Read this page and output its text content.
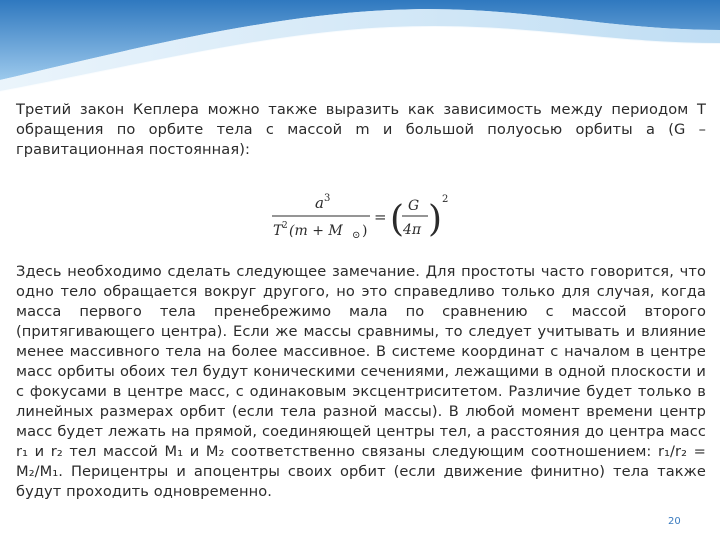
Третий закон Кеплера можно также выразить как зависимость между периодом T обращения по орбите тела с массой m и большой полуосью орбиты a (G – гравитационная постоянная):

a 3
T 2 (m + M ⊙ )
= ( G
4π ) 2

Здесь необходимо сделать следующее замечание. Для простоты часто говорится, что одно тело обращается вокруг другого, но это справедливо только для случая, когда масса первого тела пренебрежимо мала по сравнению с массой второго (притягивающего центра). Если же массы сравнимы, то следует учитывать и влияние менее массивного тела на более массивное. В системе координат с началом в центре масс орбиты обоих тел будут коническими сечениями, лежащими в одной плоскости и с фокусами в центре масс, с одинаковым эксцентриситетом. Различие будет только в линейных размерах орбит (если тела разной массы). В любой момент времени центр масс будет лежать на прямой, соединяющей центры тел, а расстояния до центра масс r₁ и r₂ тел массой M₁ и M₂ соответственно связаны следующим соотношением: r₁/r₂ = M₂/M₁. Перицентры и апоцентры своих орбит (если движение финитно) тела также будут проходить одновременно.

20
